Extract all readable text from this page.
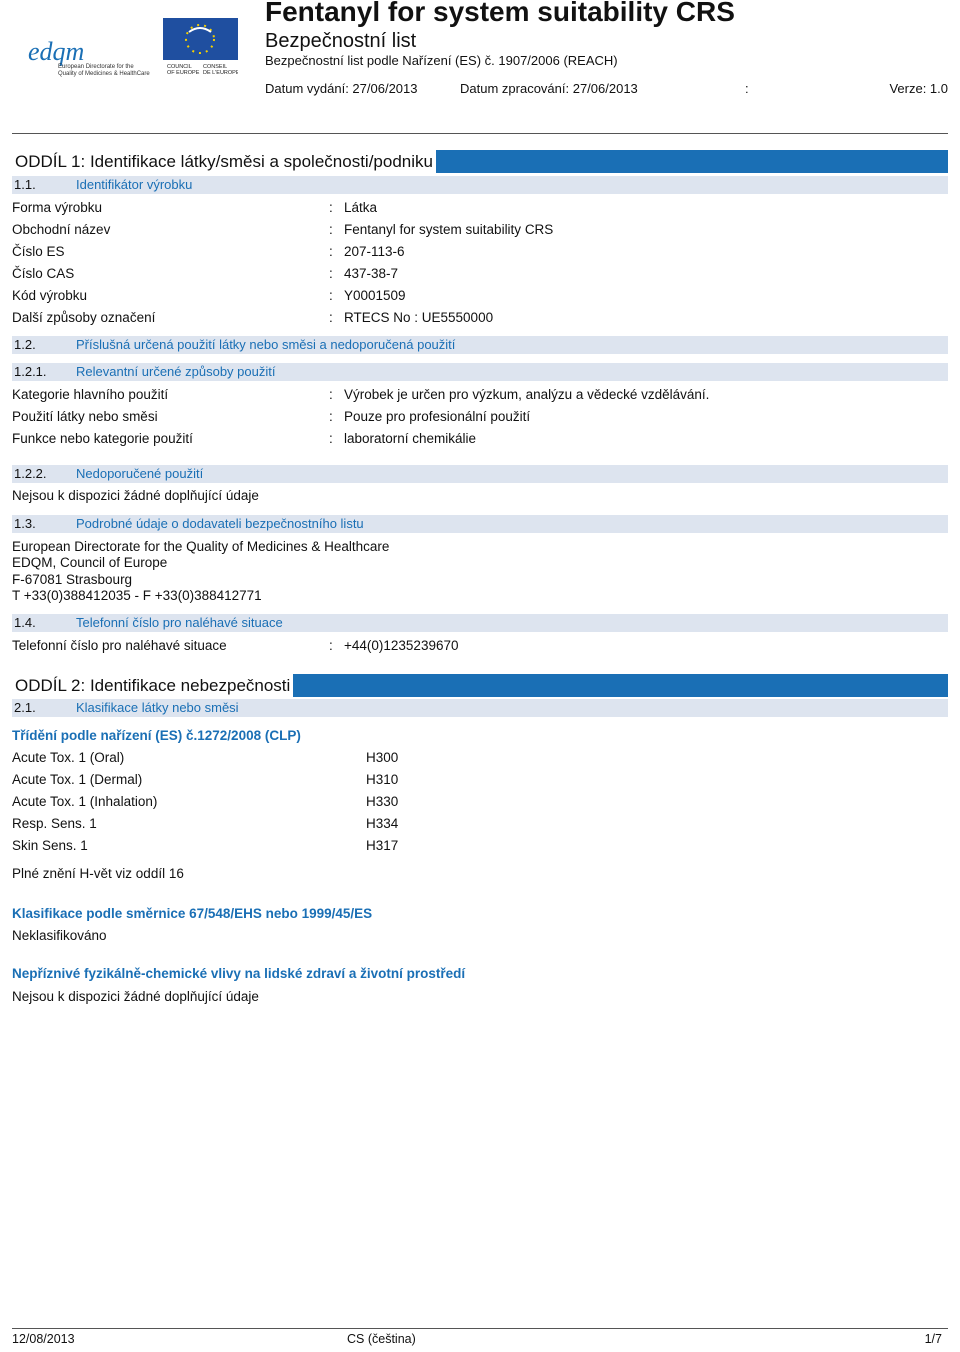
edqm
European Directorate for the
Quality of Medicines & HealthCare
COUNCIL
OF EUROPE
CONSEIL
DE L'EUROPE
Fentanyl for system suitability CRS
Bezpečnostní list
Bezpečnostní list podle Nařízení (ES) č. 1907/2006 (REACH)
Datum vydání: 27/06/2013	Datum zpracování: 27/06/2013	:	Verze: 1.0
ODDÍL 1: Identifikace látky/směsi a společnosti/podniku
1.1.	Identifikátor výrobku
Forma výrobku	: Látka
Obchodní název	: Fentanyl for system suitability CRS
Číslo ES	: 207-113-6
Číslo CAS	: 437-38-7
Kód výrobku	: Y0001509
Další způsoby označení	: RTECS No : UE5550000
1.2.	Příslušná určená použití látky nebo směsi a nedoporučená použití
1.2.1. Relevantní určené způsoby použití
Kategorie hlavního použití	: Výrobek je určen pro výzkum, analýzu a vědecké vzdělávání.
Použití látky nebo směsi	: Pouze pro profesionální použití
Funkce nebo kategorie použití	: laboratorní chemikálie
1.2.2. Nedoporučené použití
Nejsou k dispozici žádné doplňující údaje
1.3.	Podrobné údaje o dodavateli bezpečnostního listu
European Directorate for the Quality of Medicines & Healthcare
EDQM, Council of Europe
F-67081 Strasbourg
T +33(0)388412035 - F +33(0)388412771
1.4.	Telefonní číslo pro naléhavé situace
Telefonní číslo pro naléhavé situace	: +44(0)1235239670
ODDÍL 2: Identifikace nebezpečnosti
2.1.	Klasifikace látky nebo směsi
Třídění podle nařízení (ES) č.1272/2008 (CLP)
Acute Tox. 1 (Oral)	H300
Acute Tox. 1 (Dermal)	H310
Acute Tox. 1 (Inhalation)	H330
Resp. Sens. 1	H334
Skin Sens. 1	H317
Plné znění H-vět viz oddíl 16
Klasifikace podle směrnice 67/548/EHS nebo 1999/45/ES
Neklasifikováno
Nepříznivé fyzikálně-chemické vlivy na lidské zdraví a životní prostředí
Nejsou k dispozici žádné doplňující údaje
12/08/2013	CS (čeština)	1/7
